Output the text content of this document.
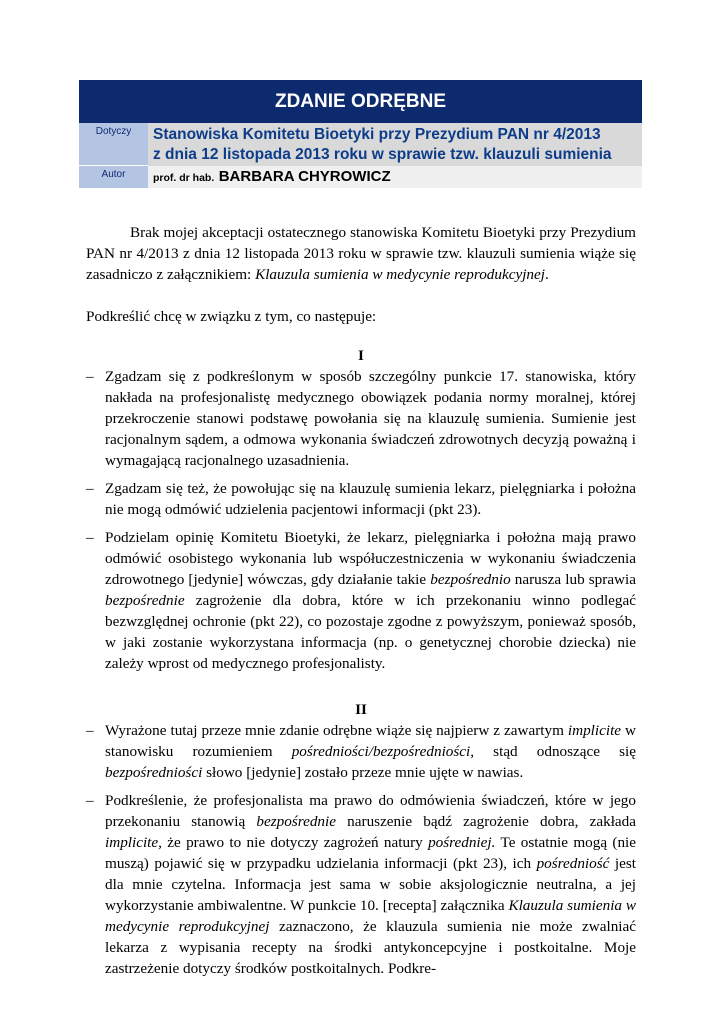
ZDANIE ODRĘBNE
Dotyczy	Stanowiska Komitetu Bioetyki przy Prezydium PAN nr 4/2013
z dnia 12 listopada 2013 roku w sprawie tzw. klauzuli sumienia
Autor	prof. dr hab. BARBARA CHYROWICZ

Brak mojej akceptacji ostatecznego stanowiska Komitetu Bioetyki przy Prezydium PAN nr 4/2013 z dnia 12 listopada 2013 roku w sprawie tzw. klauzuli sumienia wiąże się zasadniczo z załącznikiem: Klauzula sumienia w medycynie reprodukcyjnej.

Podkreślić chcę w związku z tym, co następuje:

I

– Zgadzam się z podkreślonym w sposób szczególny punkcie 17. stanowiska, który nakłada na profesjonalistę medycznego obowiązek podania normy moralnej, której przekroczenie stanowi podstawę powołania się na klauzulę sumienia. Sumienie jest racjonalnym sądem, a odmowa wykonania świadczeń zdrowotnych decyzją poważną i wymagającą racjonalnego uzasadnienia.
– Zgadzam się też, że powołując się na klauzulę sumienia lekarz, pielęgniarka i położna nie mogą odmówić udzielenia pacjentowi informacji (pkt 23).
– Podzielam opinię Komitetu Bioetyki, że lekarz, pielęgniarka i położna mają prawo odmówić osobistego wykonania lub współuczestniczenia w wykonaniu świadczenia zdrowotnego [jedynie] wówczas, gdy działanie takie bezpośrednio narusza lub sprawia bezpośrednie zagrożenie dla dobra, które w ich przekonaniu winno podlegać bezwzględnej ochronie (pkt 22), co pozostaje zgodne z powyższym, ponieważ sposób, w jaki zostanie wykorzystana informacja (np. o genetycznej chorobie dziecka) nie zależy wprost od medycznego profesjonalisty.

II

– Wyrażone tutaj przeze mnie zdanie odrębne wiąże się najpierw z zawartym implicite w stanowisku rozumieniem pośredniości/bezpośredniości, stąd odnoszące się bezpośredniości słowo [jedynie] zostało przeze mnie ujęte w nawias.
– Podkreślenie, że profesjonalista ma prawo do odmówienia świadczeń, które w jego przekonaniu stanowią bezpośrednie naruszenie bądź zagrożenie dobra, zakłada implicite, że prawo to nie dotyczy zagrożeń natury pośredniej. Te ostatnie mogą (nie muszą) pojawić się w przypadku udzielania informacji (pkt 23), ich pośredniość jest dla mnie czytelna. Informacja jest sama w sobie aksjologicznie neutralna, a jej wykorzystanie ambiwalentne. W punkcie 10. [recepta] załącznika Klauzula sumienia w medycynie reprodukcyjnej zaznaczono, że klauzula sumienia nie może zwalniać lekarza z wypisania recepty na środki antykoncepcyjne i postkoitalne. Moje zastrzeżenie dotyczy środków postkoitalnych. Podkre-
